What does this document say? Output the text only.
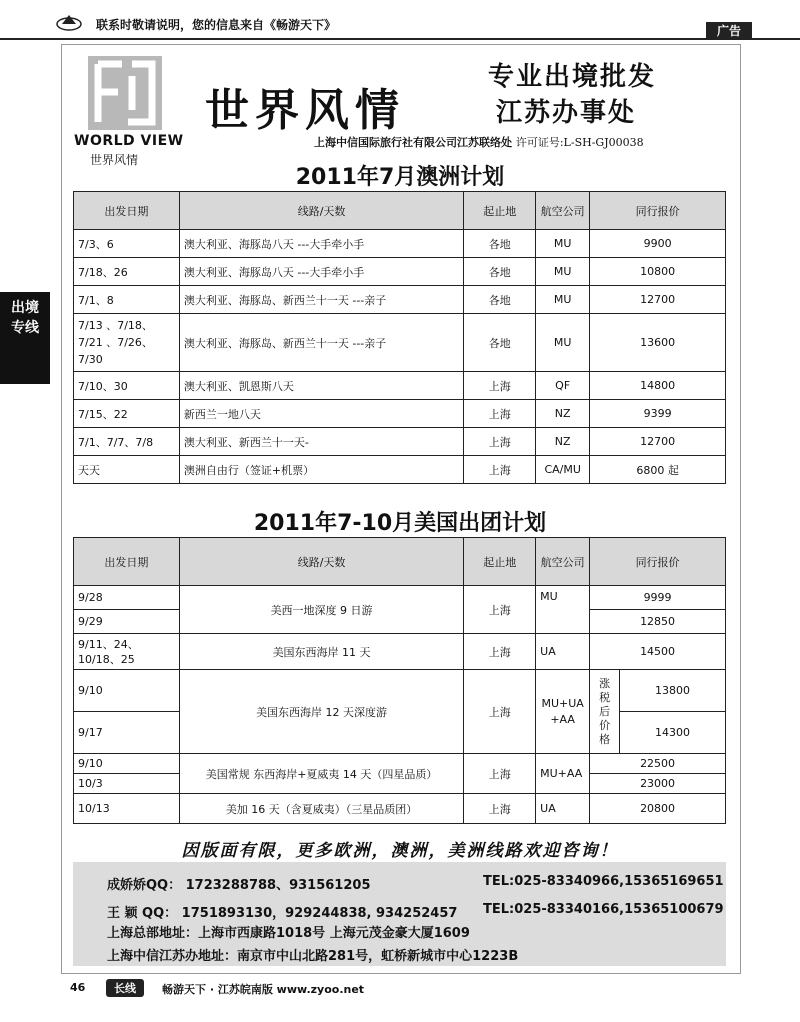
联系时敬请说明，您的信息来自《畅游天下》	广告
出境
专线
WORLD VIEW
世界风情
世界风情
专业出境批发
江苏办事处
上海中信国际旅行社有限公司江苏联络处 许可证号:L-SH-GJ00038
2011年7月澳洲计划
出发日期	线路/天数	起止地	航空公司	同行报价
7/3、6	澳大利亚、海豚岛八天 ---大手牵小手	各地	MU	9900
7/18、26	澳大利亚、海豚岛八天 ---大手牵小手	各地	MU	10800
7/1、8	澳大利亚、海豚岛、新西兰十一天 ---亲子	各地	MU	12700
7/13 、7/18、7/21 、7/26、7/30	澳大利亚、海豚岛、新西兰十一天 ---亲子	各地	MU	13600
7/10、30	澳大利亚、凯恩斯八天	上海	QF	14800
7/15、22	新西兰一地八天	上海	NZ	9399
7/1、7/7、7/8	澳大利亚、新西兰十一天-	上海	NZ	12700
天天	澳洲自由行（签证+机票）	上海	CA/MU	6800 起
2011年7-10月美国出团计划
出发日期	线路/天数	起止地	航空公司	同行报价	
9/28	美西一地深度 9 日游	上海	MU	9999	
9/29				12850	
9/11、24、10/18、25	美国东西海岸 11 天	上海	UA	14500	
9/10	美国东西海岸 12 天深度游	上海	MU+UA +AA	涨税后价格	13800
9/17					14300
9/10	美国常规 东西海岸+夏威夷 14 天（四星品质）	上海	MU+AA	22500	
10/3				23000	
10/13	美加 16 天（含夏威夷）（三星品质团）	上海	UA	20800	
因版面有限，更多欧洲，澳洲，美洲线路欢迎咨询！
成娇娇QQ： 1723288788、931561205	TEL:025-83340966,15365169651
王 颖 QQ： 1751893130，929244838, 934252457 TEL:025-83340166,15365100679
上海总部地址：上海市西康路1018号 上海元茂金豪大厦1609
上海中信江苏办地址：南京市中山北路281号，虹桥新城市中心1223B
46	长线	畅游天下 · 江苏皖南版 www.zyoo.net
